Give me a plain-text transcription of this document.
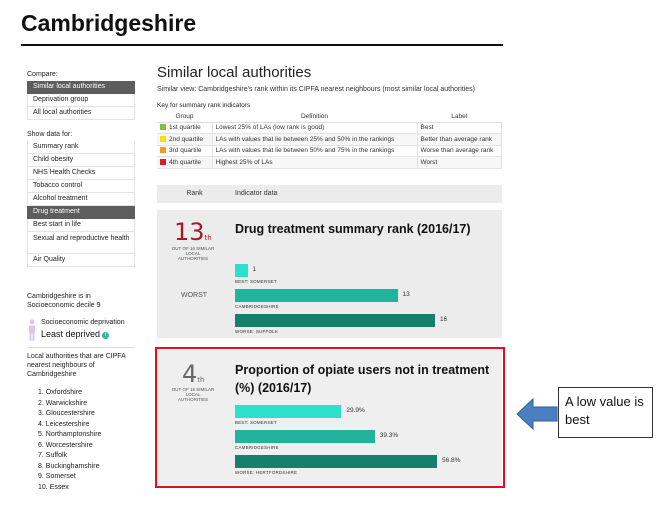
Cambridgeshire
Compare:
Similar local authorities
Deprivation group
All local authorities
Show data for:
Summary rank
Child obesity
NHS Health Checks
Tobacco control
Alcohol treatment
Drug treatment
Best start in life
Sexual and reproductive health
Air Quality
Cambridgeshire is in
Socioeconomic decile 9
Socioeconomic deprivation
Least deprived i
Local authorities that are CIPFA nearest neighbours of Cambridgeshire
1. Oxfordshire
2. Warwickshire
3. Gloucestershire
4. Leicestershire
5. Northamptonshire
6. Worcestershire
7. Suffolk
8. Buckinghamshire
9. Somerset
10. Essex
Similar local authorities
Similar view: Cambridgeshire's rank within its CIPFA nearest neighbours (most similar local authorities)
Key for summary rank indicators
Group	Definition	Label
1st quartile	Lowest 25% of LAs (low rank is good)	Best
2nd quartile	LAs with values that lie between 25% and 50% in the rankings	Better than average rank
3rd quartile	LAs with values that lie between 50% and 75% in the rankings	Worse than average rank
4th quartile	Highest 25% of LAs	Worst
Rank	Indicator data
13th
OUT OF 16 SIMILAR LOCAL AUTHORITIES
WORST
Drug treatment summary rank (2016/17)
1
BEST: SOMERSET
13
CAMBRIDGESHIRE
16
WORSE: SUFFOLK
4th
OUT OF 16 SIMILAR LOCAL AUTHORITIES
Proportion of opiate users not in treatment (%) (2016/17)
29.9%
BEST: SOMERSET
39.3%
CAMBRIDGESHIRE
56.8%
WORSE: HERTFORDSHIRE
A low value is best
